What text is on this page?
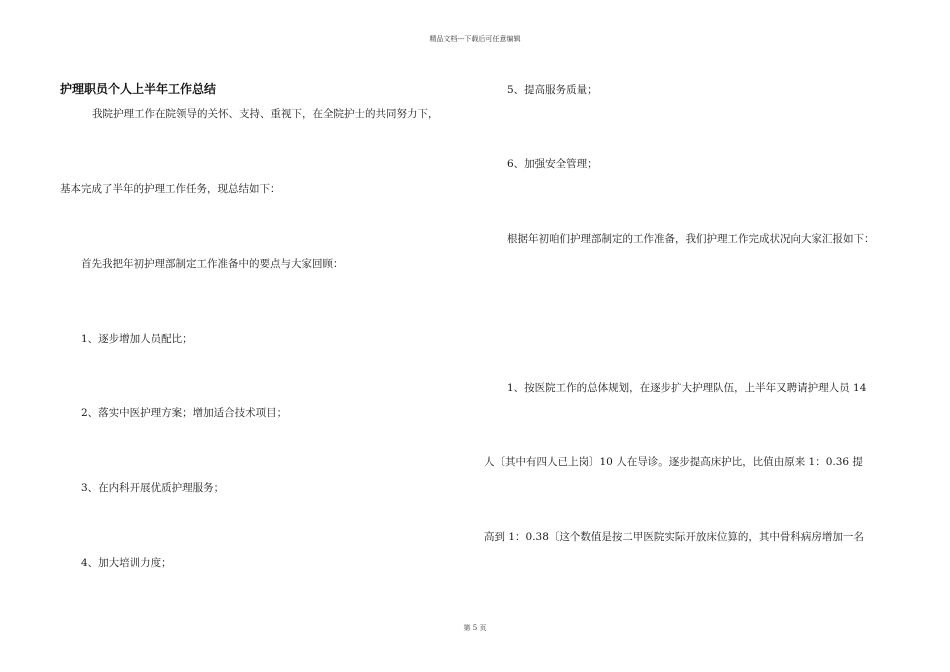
精品文档---下载后可任意编辑
护理职员个人上半年工作总结
我院护理工作在院领导的关怀、支持、重视下，在全院护士的共同努力下，
基本完成了半年的护理工作任务，现总结如下：
首先我把年初护理部制定工作准备中的要点与大家回顾：
1、逐步增加人员配比；
2、落实中医护理方案；增加适合技术项目；
3、在内科开展优质护理服务；
4、加大培训力度；
5、提高服务质量；
6、加强安全管理；
根据年初咱们护理部制定的工作准备，我们护理工作完成状况向大家汇报如下：
1、按医院工作的总体规划，在逐步扩大护理队伍，上半年又聘请护理人员 14
人〔其中有四人已上岗〕10 人在导诊。逐步提高床护比，比值由原来 1：0.36 提
高到 1：0.38〔这个数值是按二甲医院实际开放床位算的，其中骨科病房增加一名
第 5 页
